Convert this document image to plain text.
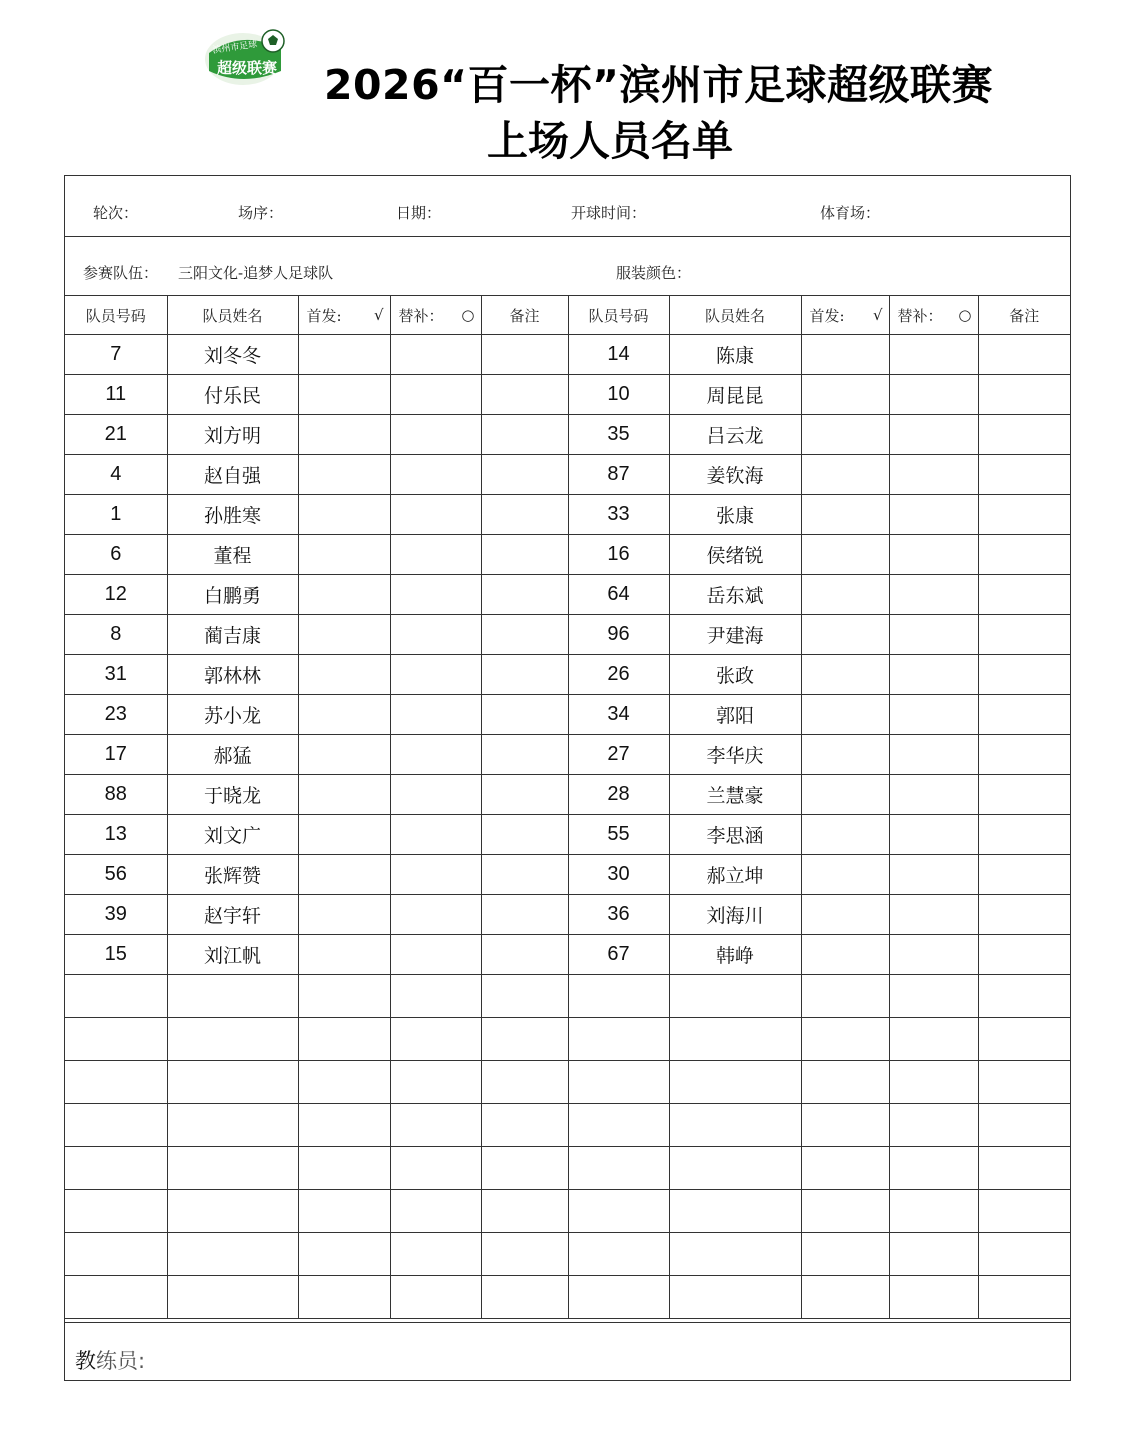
滨州市足球
超级联赛 2026“百一杯”滨州市足球超级联赛
上场人员名单
轮次：	场序：	日期：	开球时间：	体育场：
参赛队伍： 三阳文化-追梦人足球队	服装颜色：
队员号码	队员姓名	首发: √	替补： ○	备注	队员号码	队员姓名	首发: √	替补： ○	备注
7	刘冬冬				14	陈康			
11	付乐民				10	周昆昆			
21	刘方明				35	吕云龙			
4	赵自强				87	姜钦海			
1	孙胜寒				33	张康			
6	董程				16	侯绪锐			
12	白鹏勇				64	岳东斌			
8	蔺吉康				96	尹建海			
31	郭林林				26	张政			
23	苏小龙				34	郭阳			
17	郝猛				27	李华庆			
88	于晓龙				28	兰慧豪			
13	刘文广				55	李思涵			
56	张辉赞				30	郝立坤			
39	赵宇轩				36	刘海川			
15	刘江帆				67	韩峥			

教练员:
